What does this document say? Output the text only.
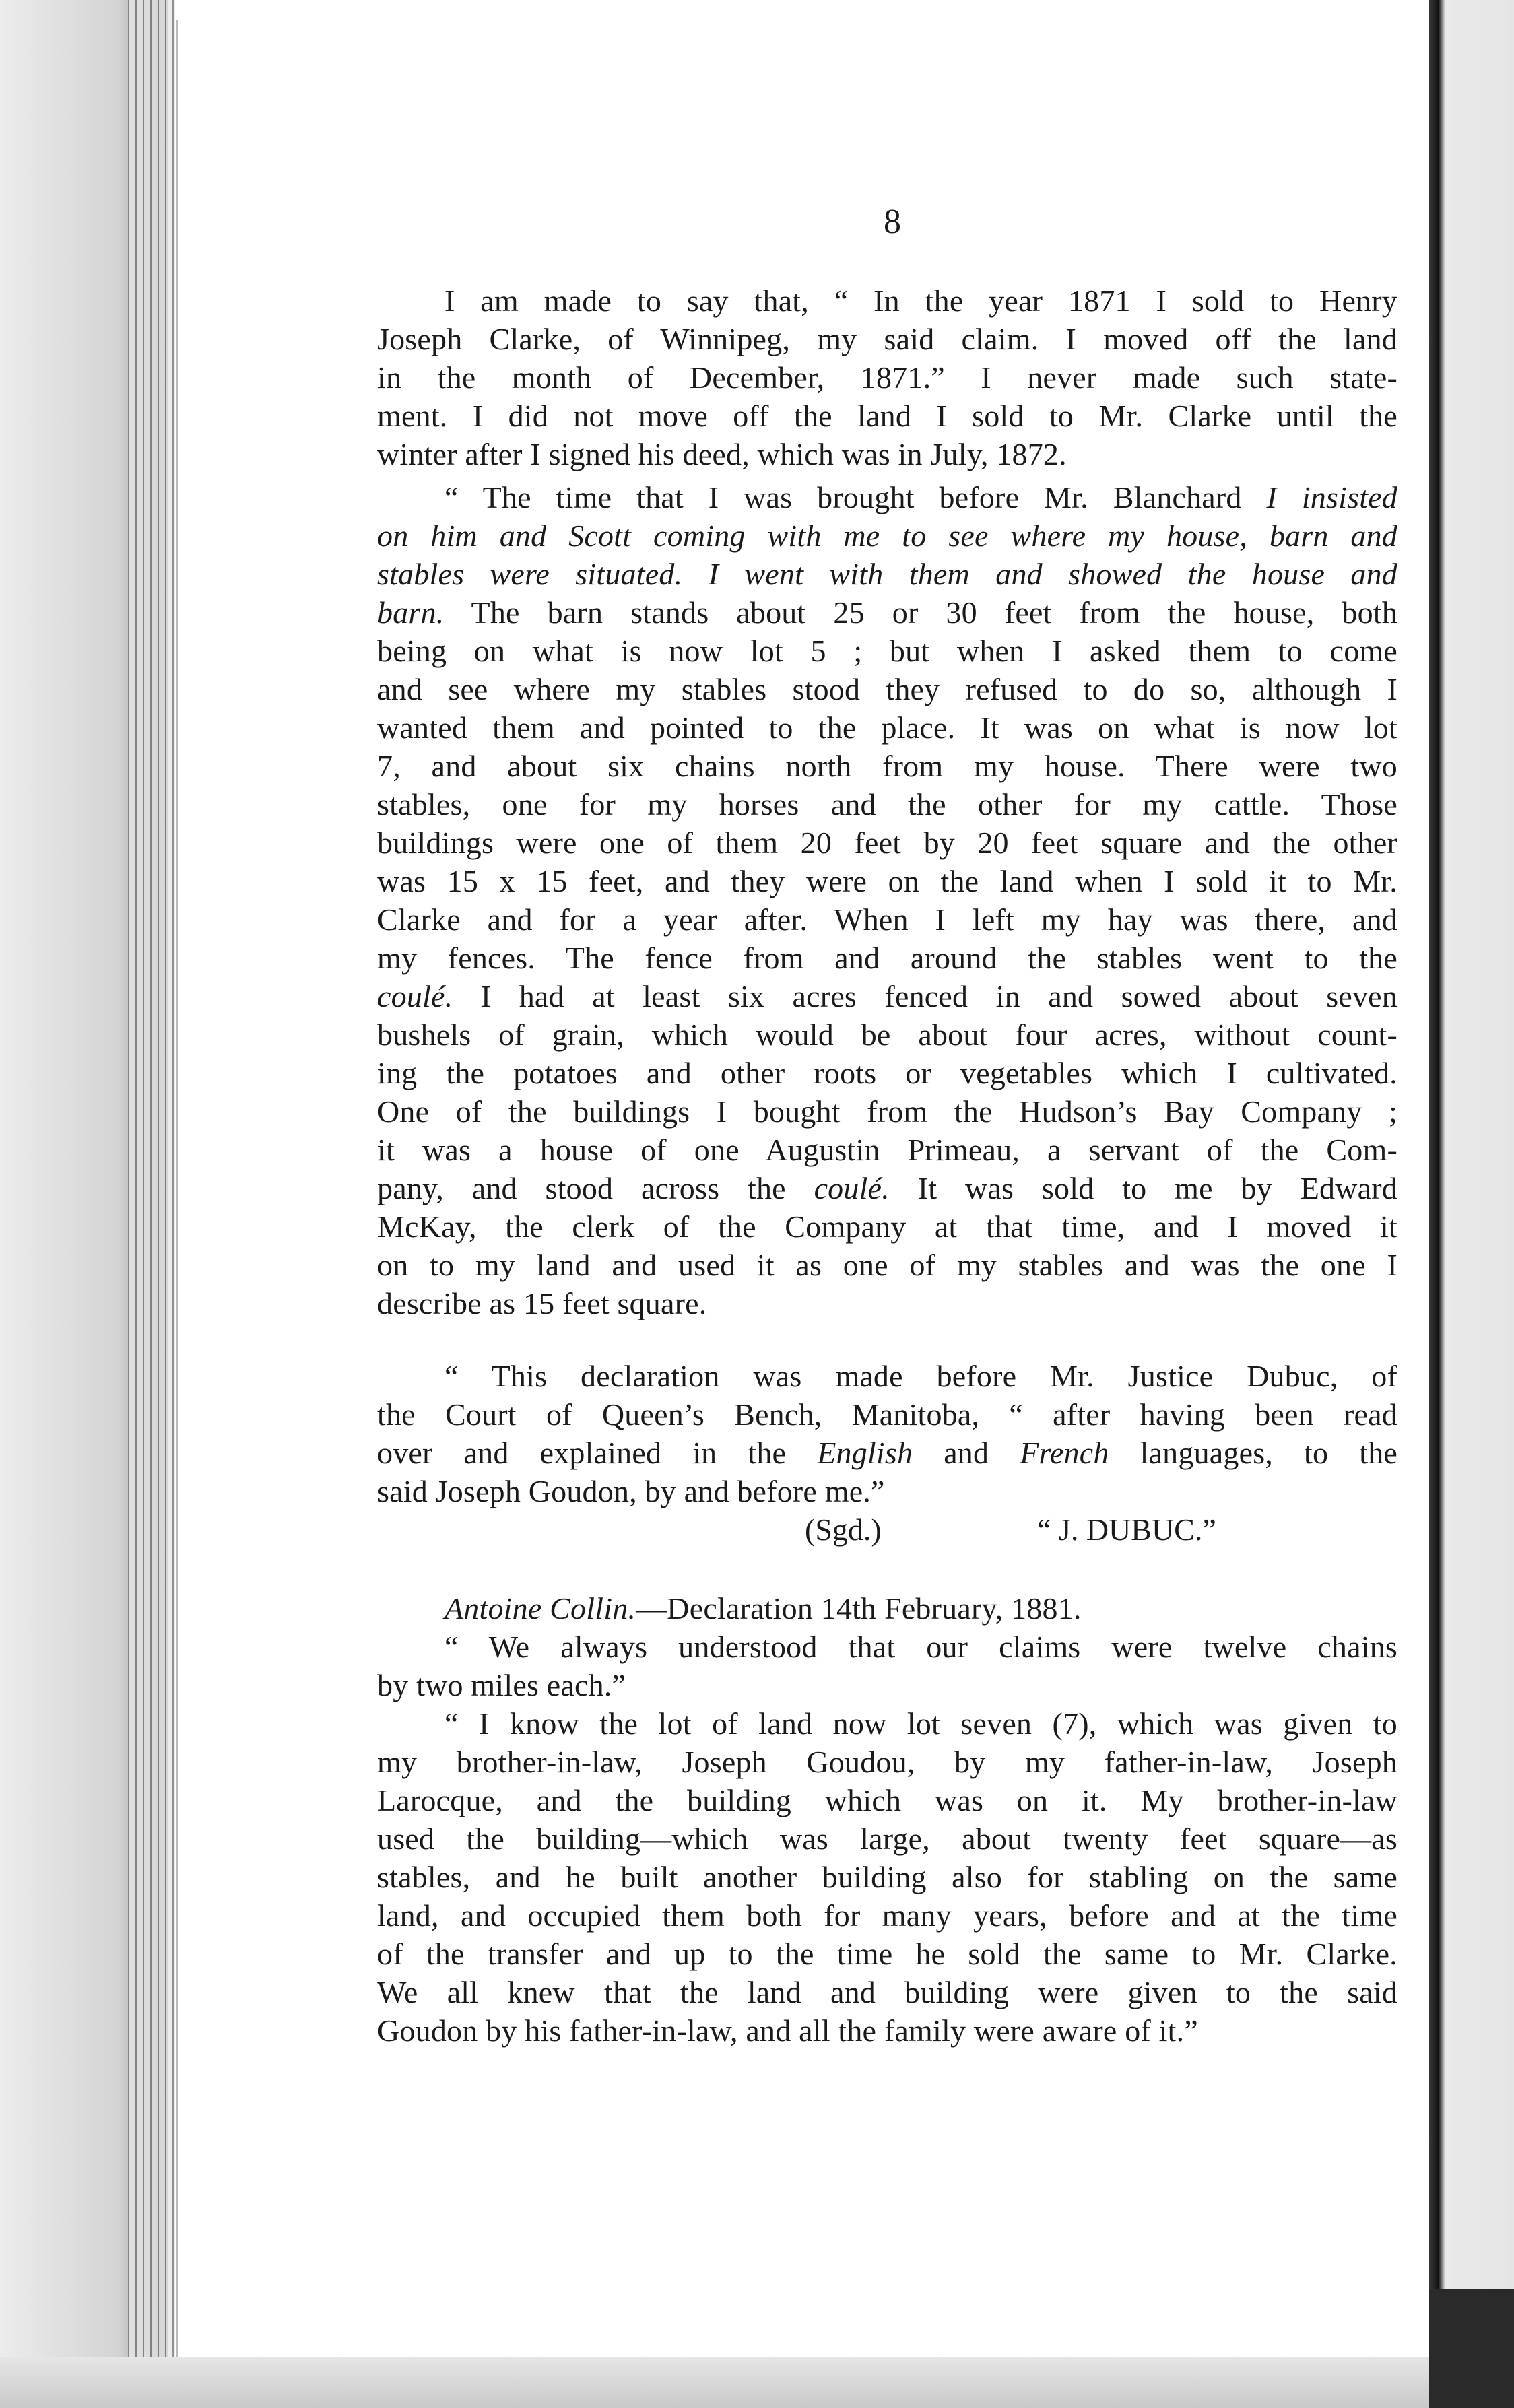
8
I am made to say that, “ In the year 1871 I sold to Henry
Joseph Clarke, of Winnipeg, my said claim. I moved off the land
in the month of December, 1871.” I never made such state-
ment. I did not move off the land I sold to Mr. Clarke until the
winter after I signed his deed, which was in July, 1872.
“ The time that I was brought before Mr. Blanchard I insisted
on him and Scott coming with me to see where my house, barn and
stables were situated. I went with them and showed the house and
barn. The barn stands about 25 or 30 feet from the house, both
being on what is now lot 5 ; but when I asked them to come
and see where my stables stood they refused to do so, although I
wanted them and pointed to the place. It was on what is now lot
7, and about six chains north from my house. There were two
stables, one for my horses and the other for my cattle. Those
buildings were one of them 20 feet by 20 feet square and the other
was 15 x 15 feet, and they were on the land when I sold it to Mr.
Clarke and for a year after. When I left my hay was there, and
my fences. The fence from and around the stables went to the
coulé. I had at least six acres fenced in and sowed about seven
bushels of grain, which would be about four acres, without count-
ing the potatoes and other roots or vegetables which I cultivated.
One of the buildings I bought from the Hudson’s Bay Company ;
it was a house of one Augustin Primeau, a servant of the Com-
pany, and stood across the coulé. It was sold to me by Edward
McKay, the clerk of the Company at that time, and I moved it
on to my land and used it as one of my stables and was the one I
describe as 15 feet square.
“ This declaration was made before Mr. Justice Dubuc, of
the Court of Queen’s Bench, Manitoba, “ after having been read
over and explained in the English and French languages, to the
said Joseph Goudon, by and before me.”
(Sgd.)	“ J. DUBUC.”
Antoine Collin.—Declaration 14th February, 1881.
“ We always understood that our claims were twelve chains
by two miles each.”
“ I know the lot of land now lot seven (7), which was given to
my brother-in-law, Joseph Goudou, by my father-in-law, Joseph
Larocque, and the building which was on it. My brother-in-law
used the building—which was large, about twenty feet square—as
stables, and he built another building also for stabling on the same
land, and occupied them both for many years, before and at the time
of the transfer and up to the time he sold the same to Mr. Clarke.
We all knew that the land and building were given to the said
Goudon by his father-in-law, and all the family were aware of it.”
